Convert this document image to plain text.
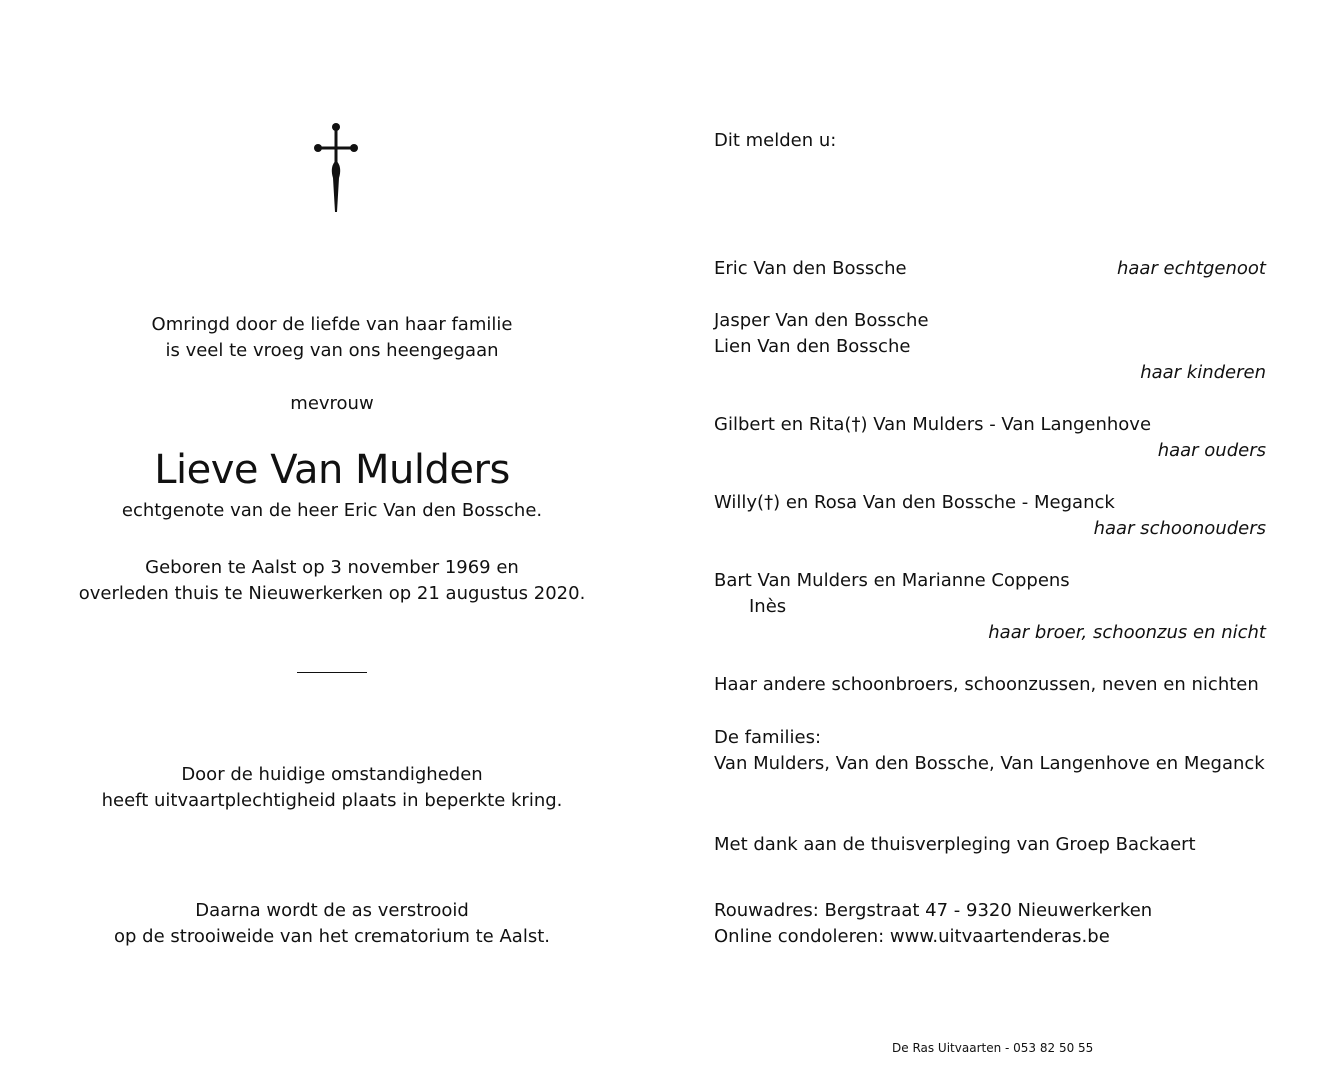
Omringd door de liefde van haar familie
is veel te vroeg van ons heengegaan
mevrouw
Lieve Van Mulders
echtgenote van de heer Eric Van den Bossche.
Geboren te Aalst op 3 november 1969 en
overleden thuis te Nieuwerkerken op 21 augustus 2020.
Door de huidige omstandigheden
heeft uitvaartplechtigheid plaats in beperkte kring.
Daarna wordt de as verstrooid
op de strooiweide van het crematorium te Aalst.
Dit melden u:
Eric Van den Bossche	haar echtgenoot
Jasper Van den Bossche
Lien Van den Bossche
haar kinderen
Gilbert en Rita(†) Van Mulders - Van Langenhove
haar ouders
Willy(†) en Rosa Van den Bossche - Meganck
haar schoonouders
Bart Van Mulders en Marianne Coppens
Inès
haar broer, schoonzus en nicht
Haar andere schoonbroers, schoonzussen, neven en nichten
De families:
Van Mulders, Van den Bossche, Van Langenhove en Meganck
Met dank aan de thuisverpleging van Groep Backaert
Rouwadres: Bergstraat 47 - 9320 Nieuwerkerken
Online condoleren: www.uitvaartenderas.be
De Ras Uitvaarten - 053 82 50 55
